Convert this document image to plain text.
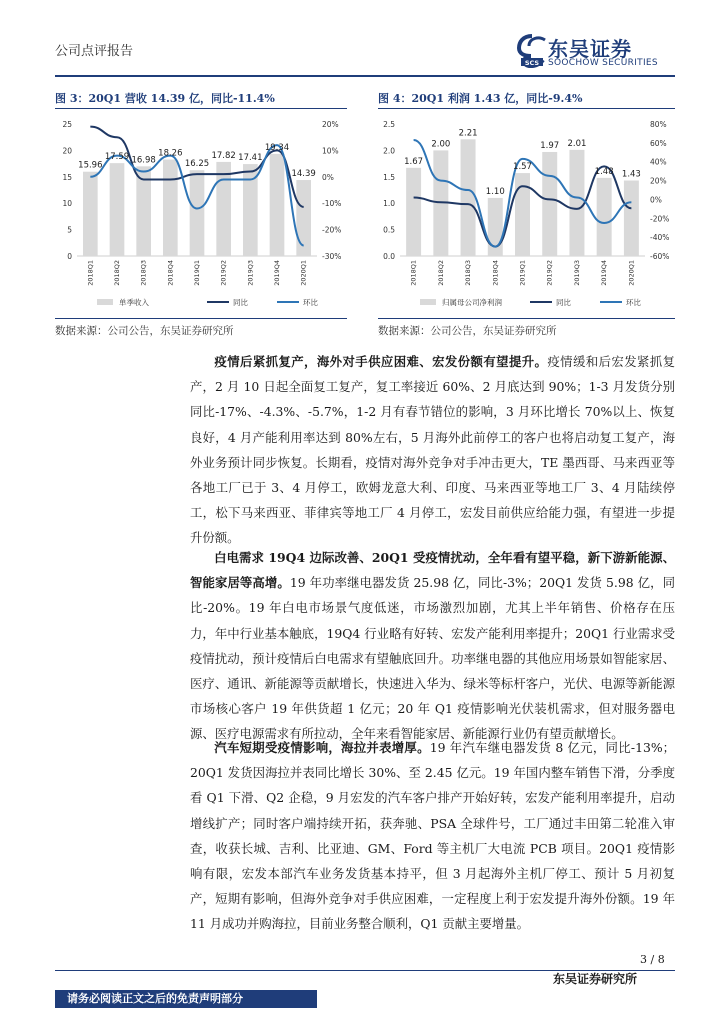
公司点评报告
SCS
东吴证券
SOOCHOW SECURITIES
图 3：20Q1 营收 14.39 亿，同比-11.4%	图 4：20Q1 利润 1.43 亿，同比-9.4%
0
5
10
15
20
25
-30%
-20%
-10%
0%
10%
20%
15.96
17.59 16.98
18.26
16.25
17.82 17.41
19.34
14.39
2018Q1	2018Q2	2018Q3	2018Q4	2019Q1	2019Q2	2019Q3	2019Q4	2020Q1
单季收入	同比	环比
0.0
0.5
1.0
1.5
2.0
2.5
-60%
-40%
-20%
0%
20%
40%
60%
80%
1.67
2.00
2.21
1.10
1.57
1.97 2.01
1.48 1.43
2018Q1	2018Q2	2018Q3	2018Q4	2019Q1	2019Q2	2019Q3	2019Q4	2020Q1
归属母公司净利润	同比	环比
数据来源：公司公告，东吴证券研究所	数据来源：公司公告，东吴证券研究所
疫情后紧抓复产，海外对手供应困难、宏发份额有望提升。疫情缓和后宏发紧抓复产，2 月 10 日起全面复工复产，复工率接近 60%、2 月底达到 90%；1-3 月发货分别同比-17%、-4.3%、-5.7%，1-2 月有春节错位的影响，3 月环比增长 70%以上、恢复良好，4 月产能利用率达到 80%左右，5 月海外此前停工的客户也将启动复工复产，海外业务预计同步恢复。长期看，疫情对海外竞争对手冲击更大，TE 墨西哥、马来西亚等各地工厂已于 3、4 月停工，欧姆龙意大利、印度、马来西亚等地工厂 3、4 月陆续停工，松下马来西亚、菲律宾等地工厂 4 月停工，宏发目前供应给能力强，有望进一步提升份额。
白电需求 19Q4 边际改善、20Q1 受疫情扰动，全年看有望平稳，新下游新能源、智能家居等高增。19 年功率继电器发货 25.98 亿，同比-3%；20Q1 发货 5.98 亿，同比-20%。19 年白电市场景气度低迷，市场激烈加剧，尤其上半年销售、价格存在压力，年中行业基本触底，19Q4 行业略有好转、宏发产能利用率提升；20Q1 行业需求受疫情扰动，预计疫情后白电需求有望触底回升。功率继电器的其他应用场景如智能家居、医疗、通讯、新能源等贡献增长，快速进入华为、绿米等标杆客户，光伏、电源等新能源市场核心客户 19 年供货超 1 亿元；20 年 Q1 疫情影响光伏装机需求，但对服务器电源、医疗电源需求有所拉动，全年来看智能家居、新能源行业仍有望贡献增长。
汽车短期受疫情影响，海拉并表增厚。19 年汽车继电器发货 8 亿元，同比-13%；20Q1 发货因海拉并表同比增长 30%、至 2.45 亿元。19 年国内整车销售下滑，分季度看 Q1 下滑、Q2 企稳，9 月宏发的汽车客户排产开始好转，宏发产能利用率提升，启动增线扩产；同时客户端持续开拓，获奔驰、PSA 全球件号，工厂通过丰田第二轮准入审查，收获长城、吉利、比亚迪、GM、Ford 等主机厂大电流 PCB 项目。20Q1 疫情影响有限，宏发本部汽车业务发货基本持平，但 3 月起海外主机厂停工、预计 5 月初复产，短期有影响，但海外竞争对手供应困难，一定程度上利于宏发提升海外份额。19 年 11 月成功并购海拉，目前业务整合顺利，Q1 贡献主要增量。
3 / 8
东吴证券研究所
请务必阅读正文之后的免责声明部分
